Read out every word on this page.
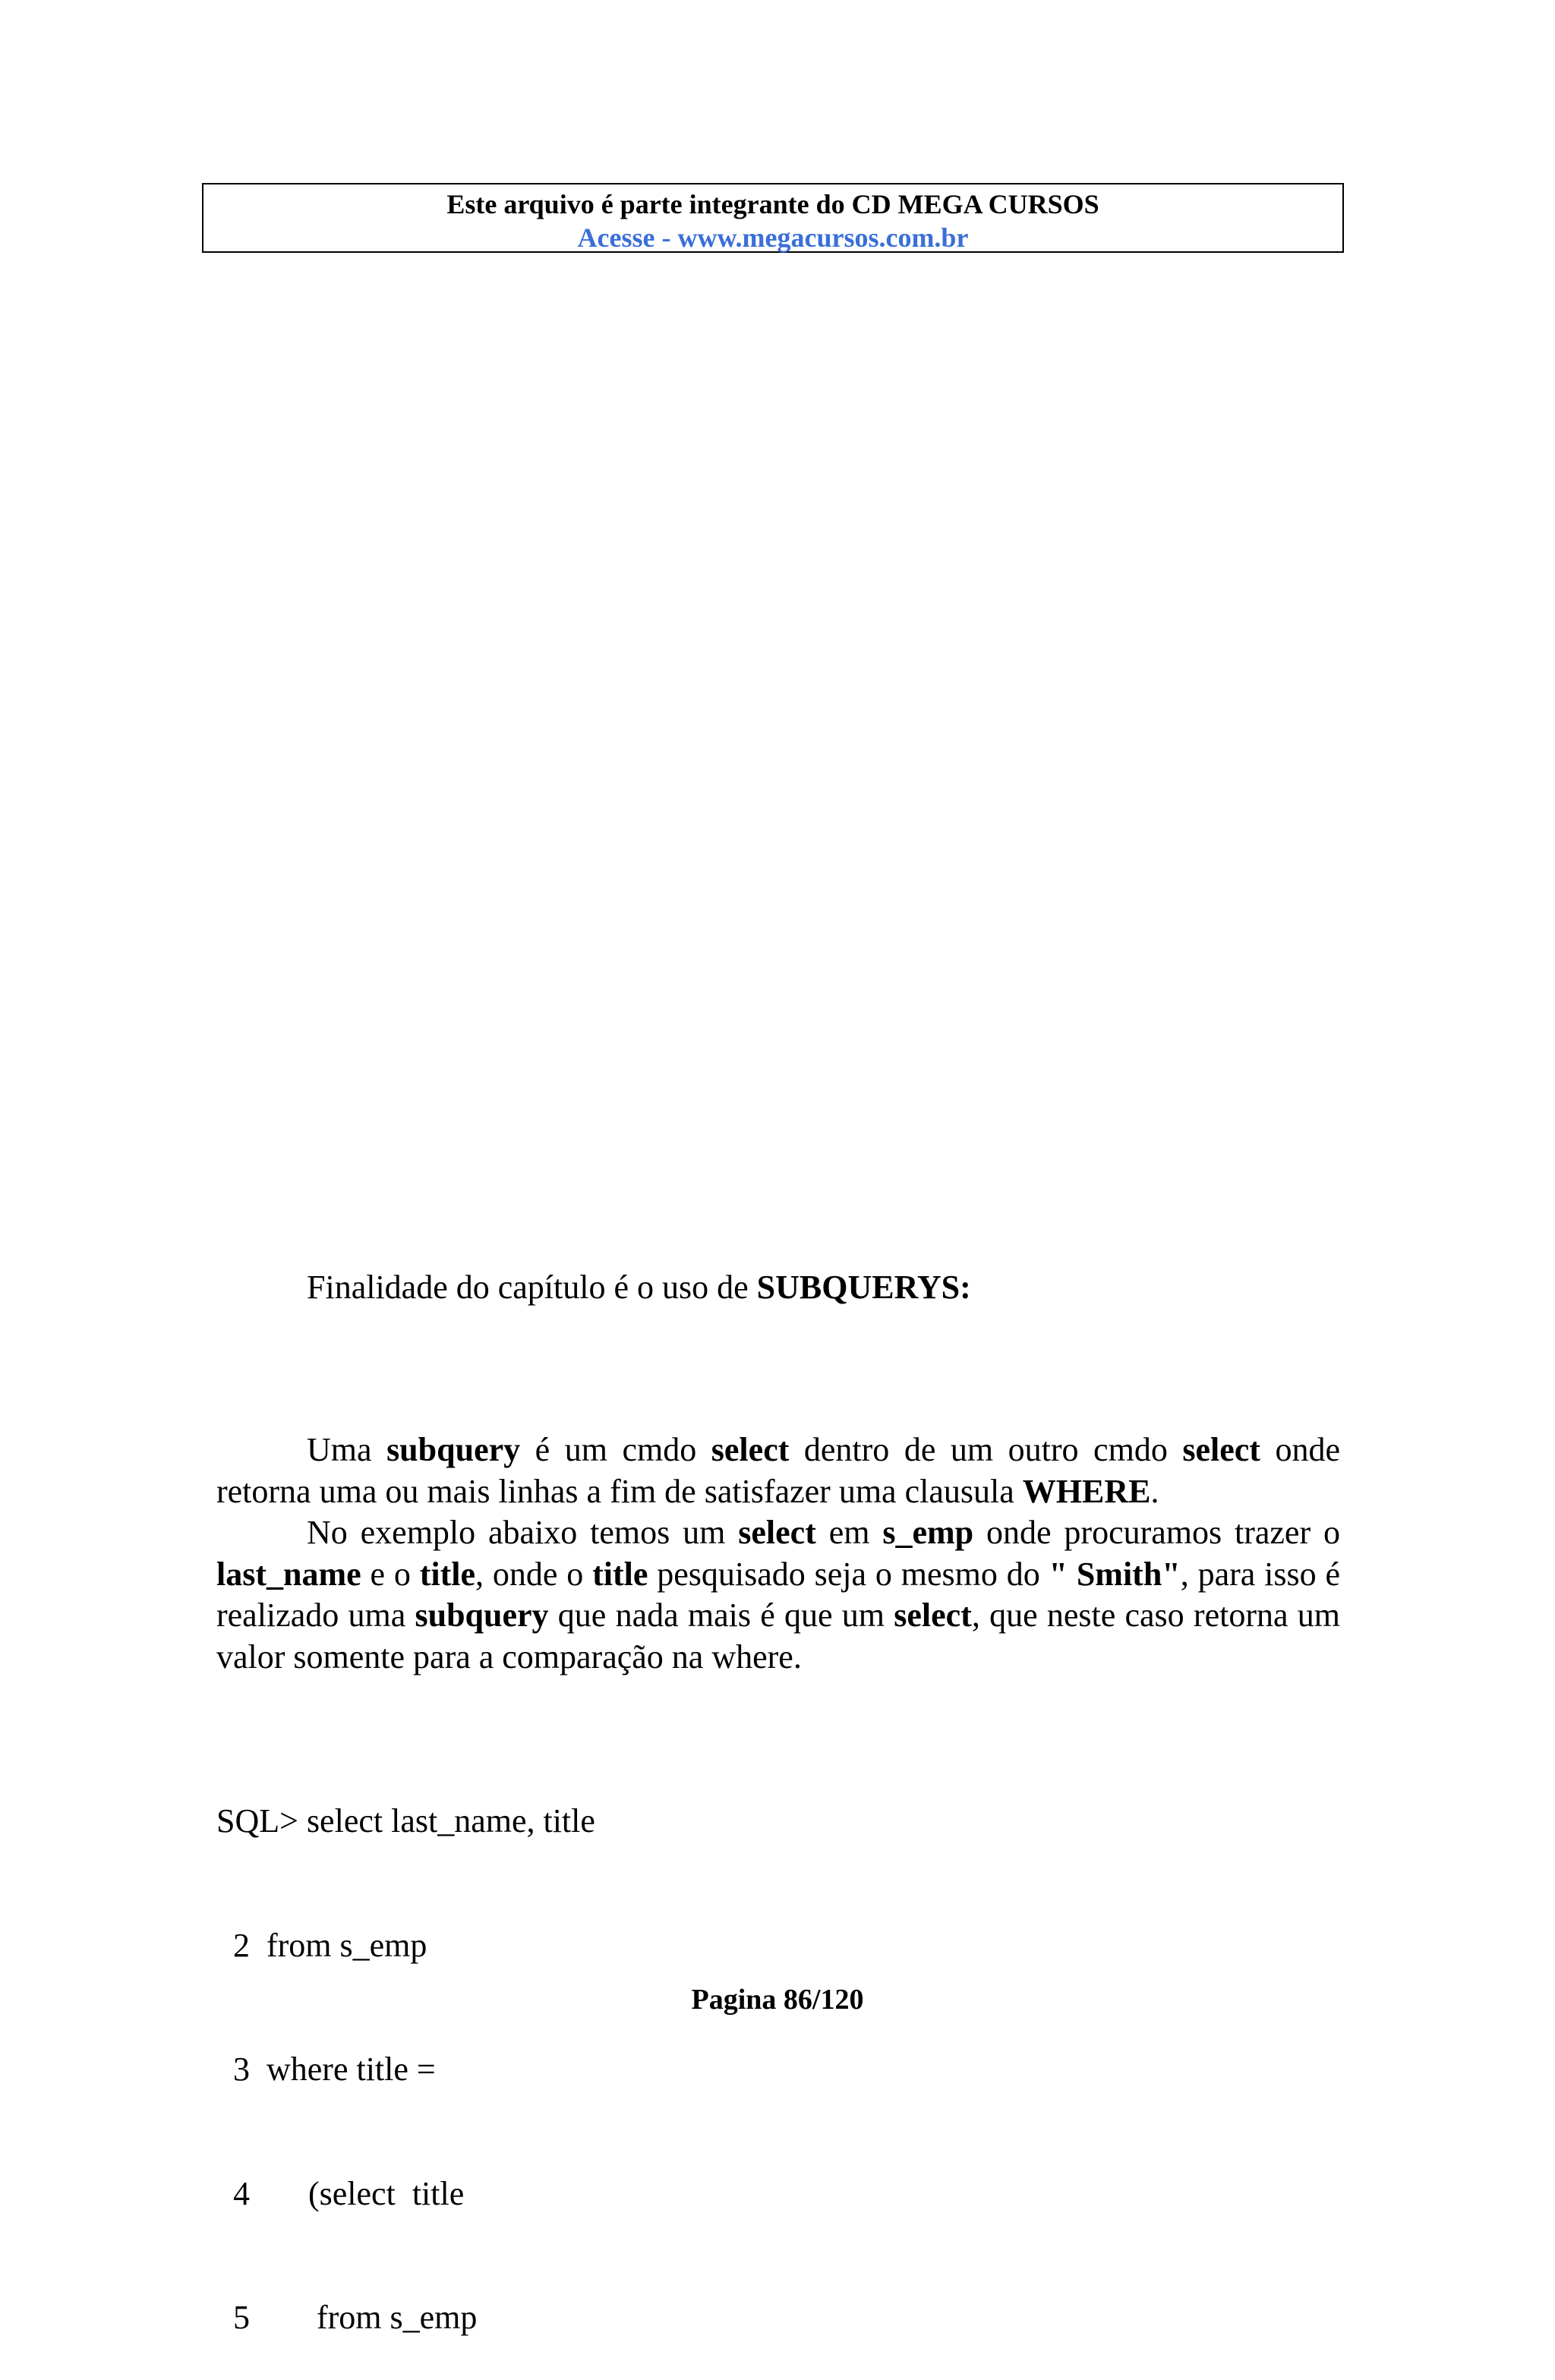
Este arquivo é parte integrante do CD MEGA CURSOS
Acesse - www.megacursos.com.br
Finalidade do capítulo é o uso de SUBQUERYS:

Uma subquery é um cmdo select dentro de um outro cmdo select onde retorna uma ou mais linhas a fim de satisfazer uma clausula WHERE.

No exemplo abaixo temos um select em s_emp onde procuramos trazer o last_name e o title, onde o title pesquisado seja o mesmo do " Smith", para isso é realizado uma subquery que nada mais é que um select, que neste caso retorna um valor somente para a comparação na where.

SQL> select last_name, title

2  from s_emp

3  where title =

4       (select  title

5        from s_emp

Pagina 86/120
